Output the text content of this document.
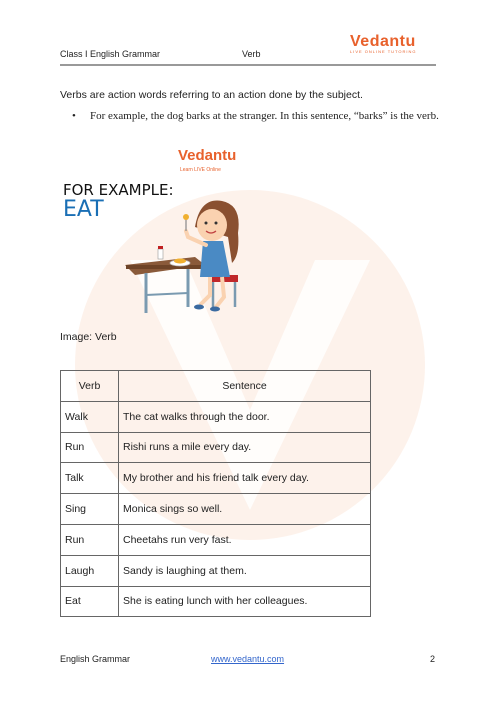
Class I English Grammar	Verb
Vedantu
LIVE ONLINE TUTORING
Verbs are action words referring to an action done by the subject.
• For example, the dog barks at the stranger. In this sentence, “barks” is the verb.
Vedantu
Learn LIVE Online
FOR EXAMPLE:
EAT
Image: Verb
Verb	Sentence
Walk	The cat walks through the door.
Run	Rishi runs a mile every day.
Talk	My brother and his friend talk every day.
Sing	Monica sings so well.
Run	Cheetahs run very fast.
Laugh	Sandy is laughing at them.
Eat	She is eating lunch with her colleagues.
English Grammar	www.vedantu.com	2
